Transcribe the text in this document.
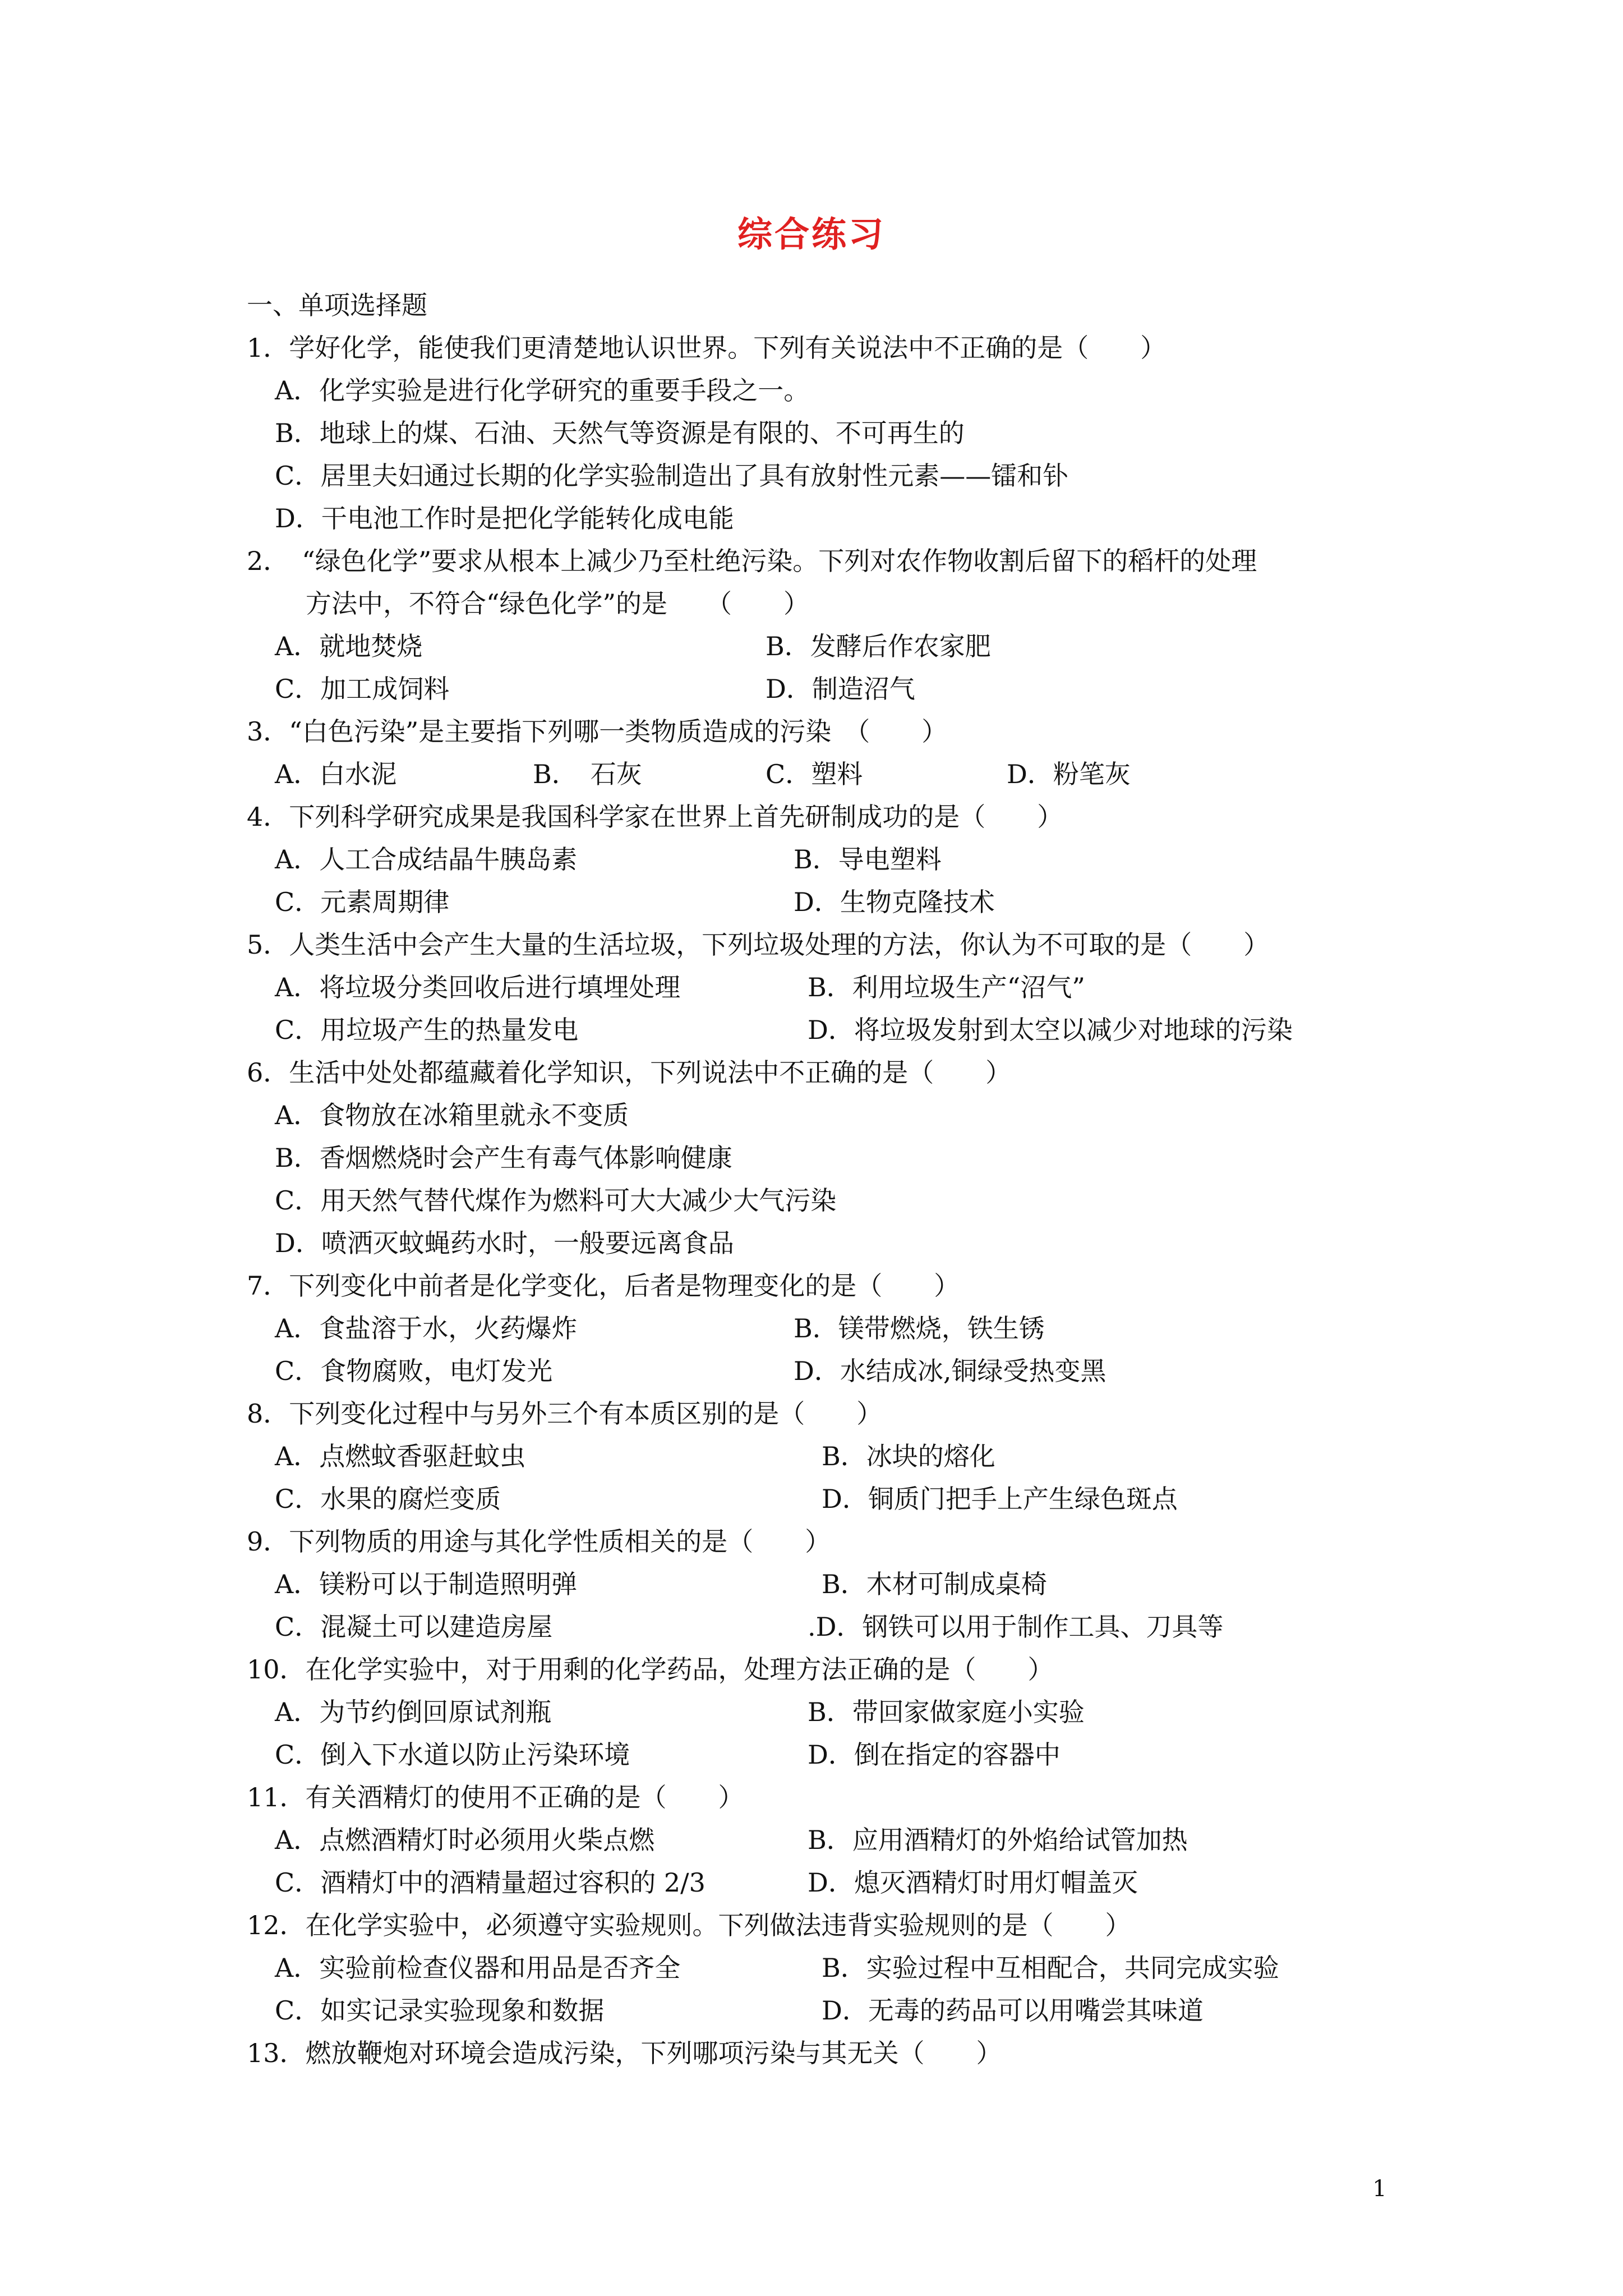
综合练习
一、单项选择题
1．学好化学，能使我们更清楚地认识世界。下列有关说法中不正确的是（　　）
A．化学实验是进行化学研究的重要手段之一。
B．地球上的煤、石油、天然气等资源是有限的、不可再生的
C．居里夫妇通过长期的化学实验制造出了具有放射性元素——镭和钋
D．干电池工作时是把化学能转化成电能
2．　“绿色化学”要求从根本上减少乃至杜绝污染。下列对农作物收割后留下的稻杆的处理
方法中，不符合“绿色化学”的是　　（　　）
A．就地焚烧	B．发酵后作农家肥
C．加工成饲料	D．制造沼气
3．“白色污染”是主要指下列哪一类物质造成的污染　（　　）
A．白水泥	B．　石灰	C．塑料	D．粉笔灰
4．下列科学研究成果是我国科学家在世界上首先研制成功的是（　　）
A．人工合成结晶牛胰岛素	B．导电塑料
C．元素周期律	D．生物克隆技术
5．人类生活中会产生大量的生活垃圾，下列垃圾处理的方法，你认为不可取的是（　　）
A．将垃圾分类回收后进行填埋处理	B．利用垃圾生产“沼气”
C．用垃圾产生的热量发电	D．将垃圾发射到太空以减少对地球的污染
6．生活中处处都蕴藏着化学知识，下列说法中不正确的是（　　）
A．食物放在冰箱里就永不变质
B．香烟燃烧时会产生有毒气体影响健康
C．用天然气替代煤作为燃料可大大减少大气污染
D．喷洒灭蚊蝇药水时，一般要远离食品
7．下列变化中前者是化学变化，后者是物理变化的是（　　）
A．食盐溶于水，火药爆炸	B．镁带燃烧，铁生锈
C．食物腐败，电灯发光	D．水结成冰,铜绿受热变黑
8．下列变化过程中与另外三个有本质区别的是（　　）
A．点燃蚊香驱赶蚊虫	B．冰块的熔化
C．水果的腐烂变质	D．铜质门把手上产生绿色斑点
9．下列物质的用途与其化学性质相关的是（　　）
A．镁粉可以于制造照明弹	B．木材可制成桌椅
C．混凝土可以建造房屋	.D．钢铁可以用于制作工具、刀具等
10．在化学实验中，对于用剩的化学药品，处理方法正确的是（　　）
A．为节约倒回原试剂瓶	B．带回家做家庭小实验
C．倒入下水道以防止污染环境	D．倒在指定的容器中
11．有关酒精灯的使用不正确的是（　　）
A．点燃酒精灯时必须用火柴点燃	B．应用酒精灯的外焰给试管加热
C．酒精灯中的酒精量超过容积的 2/3	D．熄灭酒精灯时用灯帽盖灭
12．在化学实验中，必须遵守实验规则。下列做法违背实验规则的是（　　）
A．实验前检查仪器和用品是否齐全	B．实验过程中互相配合，共同完成实验
C．如实记录实验现象和数据	D．无毒的药品可以用嘴尝其味道
13．燃放鞭炮对环境会造成污染，下列哪项污染与其无关（　　）
1
